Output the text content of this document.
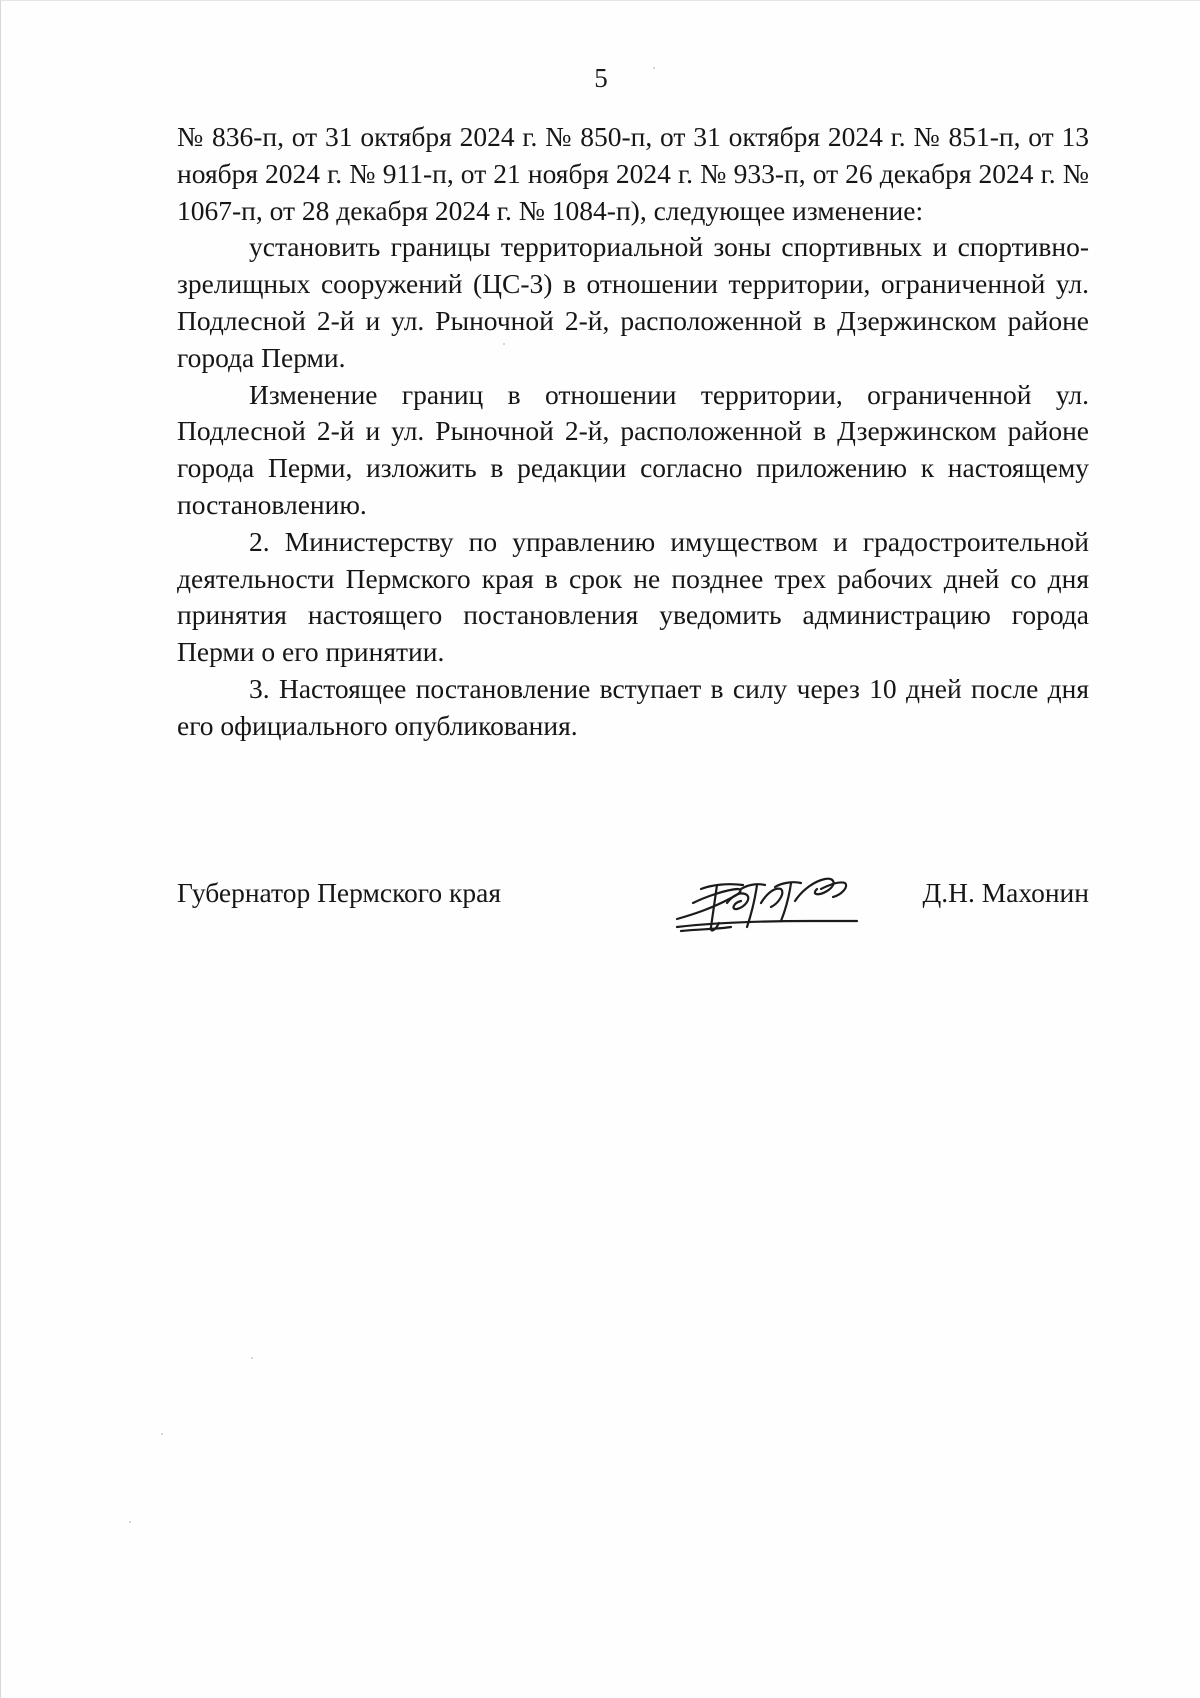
5

№ 836-п, от 31 октября 2024 г. № 850-п, от 31 октября 2024 г. № 851-п, от 13 ноября 2024 г. № 911-п, от 21 ноября 2024 г. № 933-п, от 26 декабря 2024 г. № 1067-п, от 28 декабря 2024 г. № 1084-п), следующее изменение:

установить границы территориальной зоны спортивных и спортивно-зрелищных сооружений (ЦС-3) в отношении территории, ограниченной ул. Подлесной 2-й и ул. Рыночной 2-й, расположенной в Дзержинском районе города Перми.

Изменение границ в отношении территории, ограниченной ул. Подлесной 2-й и ул. Рыночной 2-й, расположенной в Дзержинском районе города Перми, изложить в редакции согласно приложению к настоящему постановлению.

2. Министерству по управлению имуществом и градостроительной деятельности Пермского края в срок не позднее трех рабочих дней со дня принятия настоящего постановления уведомить администрацию города Перми о его принятии.

3. Настоящее постановление вступает в силу через 10 дней после дня его официального опубликования.

Губернатор Пермского края	Д.Н. Махонин
